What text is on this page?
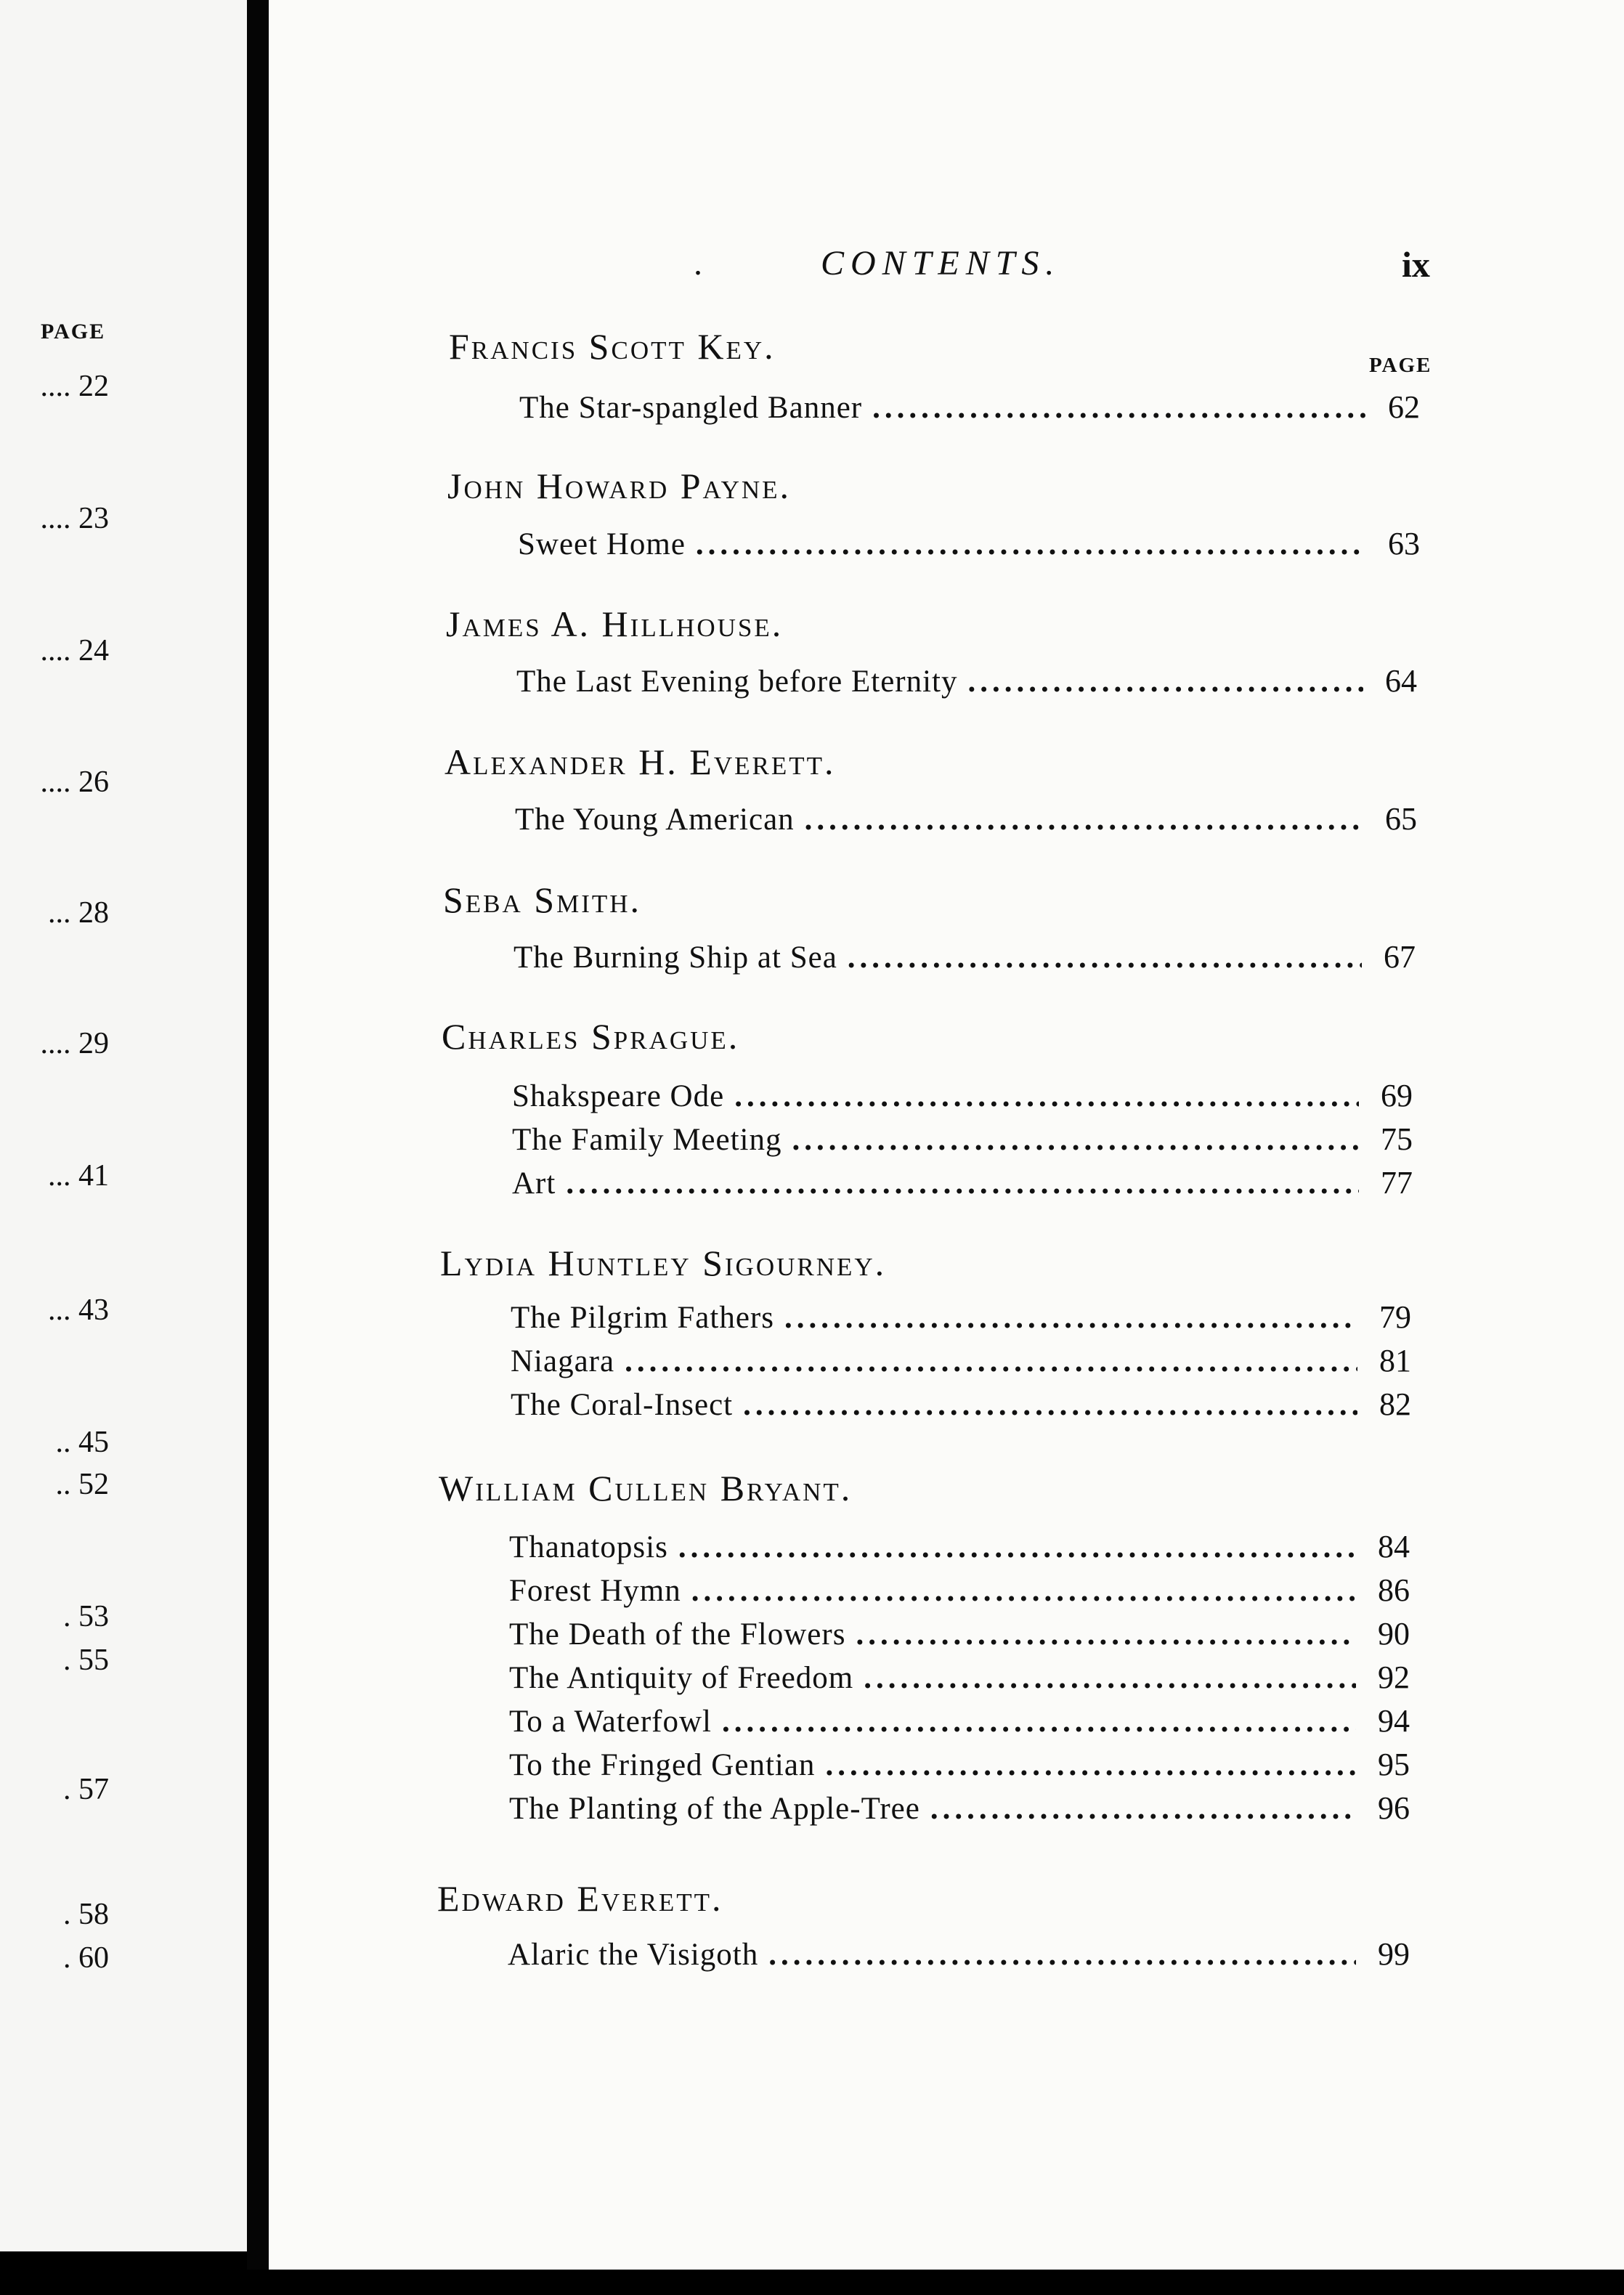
PAGE
.... 22
.... 23
.... 24
.... 26
... 28
.... 29
... 41
... 43
.. 45
.. 52
. 53
. 55
. 57
. 58
. 60
.	CONTENTS.	ix
PAGE
Francis Scott Key.
The Star-spangled Banner .....	62
John Howard Payne.
Sweet Home .....	63
James A. Hillhouse.
The Last Evening before Eternity .....	64
Alexander H. Everett.
The Young American .....	65
Seba Smith.
The Burning Ship at Sea .....	67
Charles Sprague.
Shakspeare Ode .....	69
The Family Meeting .....	75
Art .....	77
Lydia Huntley Sigourney.
The Pilgrim Fathers .....	79
Niagara .....	81
The Coral-Insect .....	82
William Cullen Bryant.
Thanatopsis .....	84
Forest Hymn .....	86
The Death of the Flowers .....	90
The Antiquity of Freedom .....	92
To a Waterfowl .....	94
To the Fringed Gentian .....	95
The Planting of the Apple-Tree .....	96
Edward Everett.
Alaric the Visigoth .....	99
